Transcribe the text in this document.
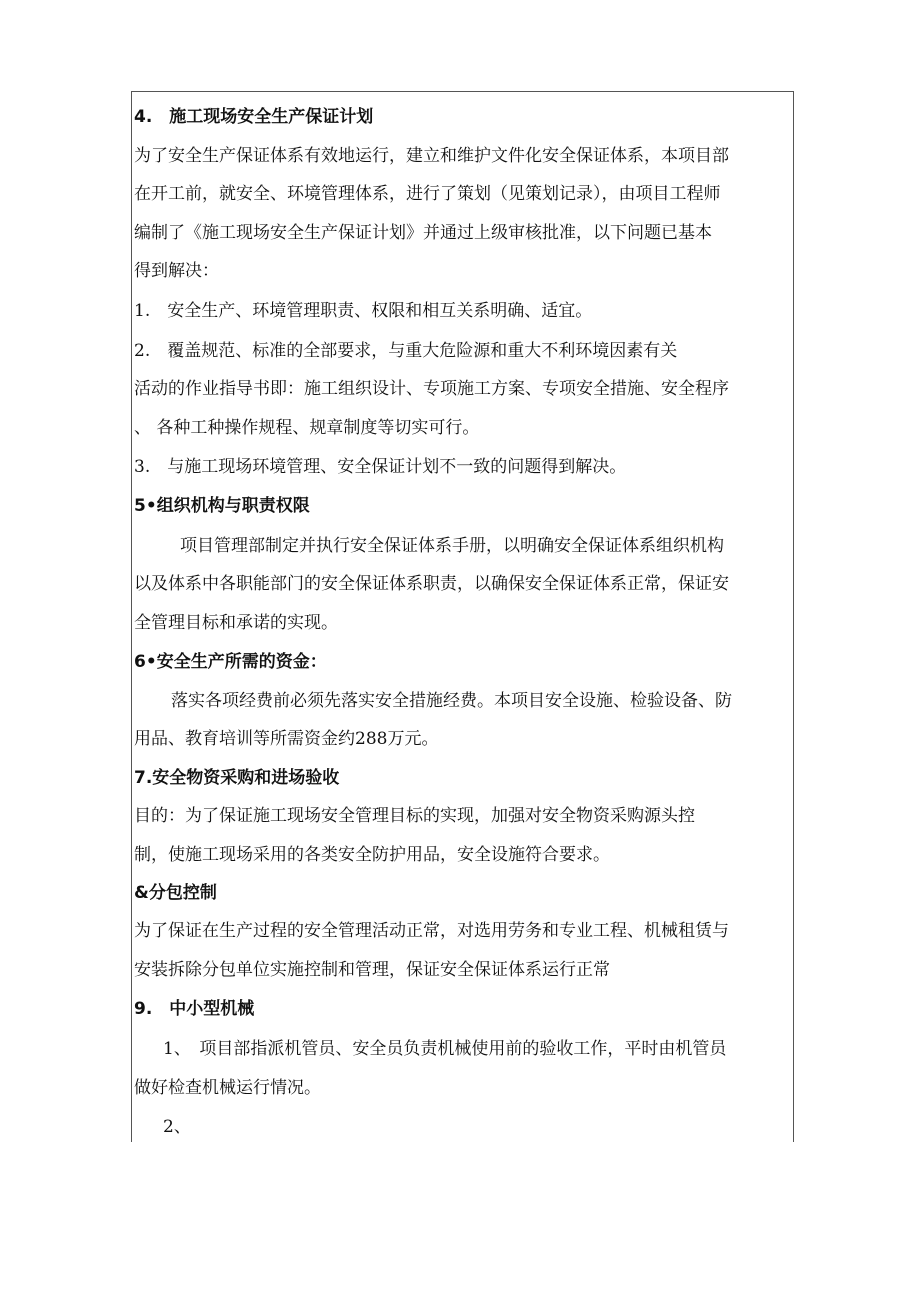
4.　施工现场安全生产保证计划
为了安全生产保证体系有效地运行，建立和维护文件化安全保证体系，本项目部
在开工前，就安全、环境管理体系，进行了策划（见策划记录），由项目工程师
编制了《施工现场安全生产保证计划》并通过上级审核批准，以下问题已基本
得到解决：
1.　安全生产、环境管理职责、权限和相互关系明确、适宜。
2.　覆盖规范、标准的全部要求，与重大危险源和重大不利环境因素有关
活动的作业指导书即：施工组织设计、专项施工方案、专项安全措施、安全程序
、 各种工种操作规程、规章制度等切实可行。
3.　与施工现场环境管理、安全保证计划不一致的问题得到解决。
5•组织机构与职责权限
项目管理部制定并执行安全保证体系手册，以明确安全保证体系组织机构
以及体系中各职能部门的安全保证体系职责，以确保安全保证体系正常，保证安
全管理目标和承诺的实现。
6•安全生产所需的资金：
落实各项经费前必须先落实安全措施经费。本项目安全设施、检验设备、防
用品、教育培训等所需资金约288万元。
7.安全物资采购和进场验收
目的：为了保证施工现场安全管理目标的实现，加强对安全物资采购源头控
制，使施工现场采用的各类安全防护用品，安全设施符合要求。
&分包控制
为了保证在生产过程的安全管理活动正常，对选用劳务和专业工程、机械租赁与
安装拆除分包单位实施控制和管理，保证安全保证体系运行正常
9.　中小型机械
1、　项目部指派机管员、安全员负责机械使用前的验收工作，平时由机管员
做好检查机械运行情况。
2、
